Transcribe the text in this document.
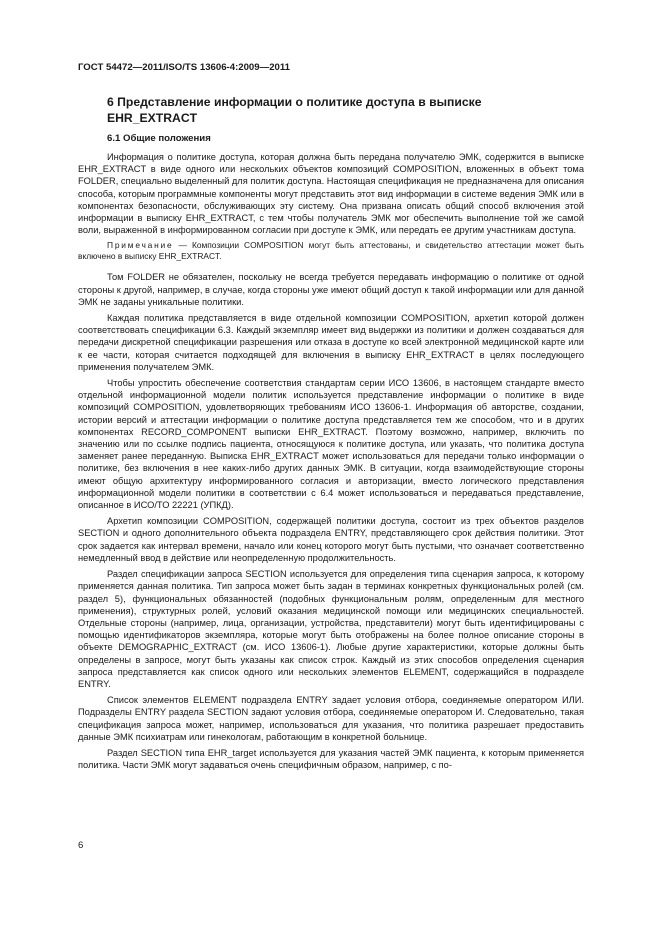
ГОСТ 54472—2011/ISO/TS 13606-4:2009—2011
6 Представление информации о политике доступа в выписке EHR_EXTRACT
6.1 Общие положения

Информация о политике доступа, которая должна быть передана получателю ЭМК, содержится в выписке EHR_EXTRACT в виде одного или нескольких объектов композиций COMPOSITION, вложенных в объект тома FOLDER, специально выделенный для политик доступа. Настоящая спецификация не предназначена для описания способа, которым программные компоненты могут представить этот вид информации в системе ведения ЭМК или в компонентах безопасности, обслуживающих эту систему. Она призвана описать общий способ включения этой информации в выписку EHR_EXTRACT, с тем чтобы получатель ЭМК мог обеспечить выполнение той же самой воли, выраженной в информированном согласии при доступе к ЭМК, или передать ее другим участникам доступа.

Примечание — Композиции COMPOSITION могут быть аттестованы, и свидетельство аттестации может быть включено в выписку EHR_EXTRACT.

Том FOLDER не обязателен, поскольку не всегда требуется передавать информацию о политике от одной стороны к другой, например, в случае, когда стороны уже имеют общий доступ к такой информации или для данной ЭМК не заданы уникальные политики.

Каждая политика представляется в виде отдельной композиции COMPOSITION, архетип которой должен соответствовать спецификации 6.3. Каждый экземпляр имеет вид выдержки из политики и должен создаваться для передачи дискретной спецификации разрешения или отказа в доступе ко всей электронной медицинской карте или к ее части, которая считается подходящей для включения в выписку EHR_EXTRACT в целях последующего применения получателем ЭМК.

Чтобы упростить обеспечение соответствия стандартам серии ИСО 13606, в настоящем стандарте вместо отдельной информационной модели политик используется представление информации о политике в виде композиций COMPOSITION, удовлетворяющих требованиям ИСО 13606-1. Информация об авторстве, создании, истории версий и аттестации информации о политике доступа представляется тем же способом, что и в других компонентах RECORD_COMPONENT выписки EHR_EXTRACT. Поэтому возможно, например, включить по значению или по ссылке подпись пациента, относящуюся к политике доступа, или указать, что политика доступа заменяет ранее переданную. Выписка EHR_EXTRACT может использоваться для передачи только информации о политике, без включения в нее каких-либо других данных ЭМК. В ситуации, когда взаимодействующие стороны имеют общую архитектуру информированного согласия и авторизации, вместо логического представления информационной модели политики в соответствии с 6.4 может использоваться и передаваться представление, описанное в ИСО/ТО 22221 (УПКД).

Архетип композиции COMPOSITION, содержащей политики доступа, состоит из трех объектов разделов SECTION и одного дополнительного объекта подраздела ENTRY, представляющего срок действия политики. Этот срок задается как интервал времени, начало или конец которого могут быть пустыми, что означает соответственно немедленный ввод в действие или неопределенную продолжительность.

Раздел спецификации запроса SECTION используется для определения типа сценария запроса, к которому применяется данная политика. Тип запроса может быть задан в терминах конкретных функциональных ролей (см. раздел 5), функциональных обязанностей (подобных функциональным ролям, определенным для местного применения), структурных ролей, условий оказания медицинской помощи или медицинских специальностей. Отдельные стороны (например, лица, организации, устройства, представители) могут быть идентифицированы с помощью идентификаторов экземпляра, которые могут быть отображены на более полное описание стороны в объекте DEMOGRAPHIC_EXTRACT (см. ИСО 13606-1). Любые другие характеристики, которые должны быть определены в запросе, могут быть указаны как список строк. Каждый из этих способов определения сценария запроса представляется как список одного или нескольких элементов ELEMENT, содержащийся в подразделе ENTRY.

Список элементов ELEMENT подраздела ENTRY задает условия отбора, соединяемые оператором ИЛИ. Подразделы ENTRY раздела SECTION задают условия отбора, соединяемые оператором И. Следовательно, такая спецификация запроса может, например, использоваться для указания, что политика разрешает предоставить данные ЭМК психиатрам или гинекологам, работающим в конкретной больнице.

Раздел SECTION типа EHR_target используется для указания частей ЭМК пациента, к которым применяется политика. Части ЭМК могут задаваться очень специфичным образом, например, с по-

6
